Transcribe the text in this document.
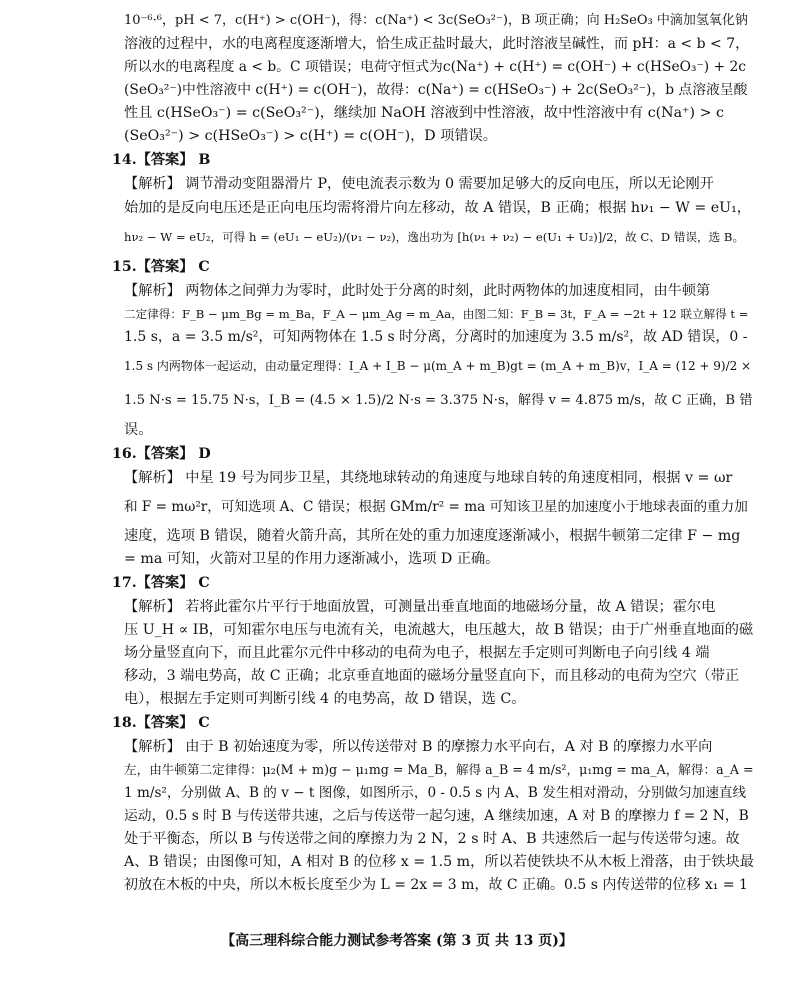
10⁻⁶·⁶，pH < 7，c(H⁺) > c(OH⁻)，得：c(Na⁺) < 3c(SeO₃²⁻)，B 项正确；向 H₂SeO₃ 中滴加氢氧化钠
溶液的过程中，水的电离程度逐渐增大，恰生成正盐时最大，此时溶液呈碱性，而 pH：a < b < 7，
所以水的电离程度 a < b。C 项错误；电荷守恒式为c(Na⁺) + c(H⁺) = c(OH⁻) + c(HSeO₃⁻) + 2c
(SeO₃²⁻)中性溶液中 c(H⁺) = c(OH⁻)，故得：c(Na⁺) = c(HSeO₃⁻) + 2c(SeO₃²⁻)，b 点溶液呈酸
性且 c(HSeO₃⁻) = c(SeO₃²⁻)，继续加 NaOH 溶液到中性溶液，故中性溶液中有 c(Na⁺) > c
(SeO₃²⁻) > c(HSeO₃⁻) > c(H⁺) = c(OH⁻)，D 项错误。
14.【答案】 B
【解析】 调节滑动变阻器滑片 P，使电流表示数为 0 需要加足够大的反向电压，所以无论刚开
始加的是反向电压还是正向电压均需将滑片向左移动，故 A 错误，B 正确；根据 hν₁ − W = eU₁，
hν₂ − W = eU₂，可得 h = (eU₁ − eU₂)/(ν₁ − ν₂)，逸出功为 [h(ν₁ + ν₂) − e(U₁ + U₂)]/2，故 C、D 错误，选 B。
15.【答案】 C
【解析】 两物体之间弹力为零时，此时处于分离的时刻，此时两物体的加速度相同，由牛顿第
二定律得：F_B − μm_Bg = m_Ba，F_A − μm_Ag = m_Aa，由图二知：F_B = 3t，F_A = −2t + 12 联立解得 t =
1.5 s，a = 3.5 m/s²，可知两物体在 1.5 s 时分离，分离时的加速度为 3.5 m/s²，故 AD 错误，0 -
1.5 s 内两物体一起运动，由动量定理得：I_A + I_B − μ(m_A + m_B)gt = (m_A + m_B)v，I_A = (12 + 9)/2 ×
1.5 N·s = 15.75 N·s，I_B = (4.5 × 1.5)/2 N·s = 3.375 N·s，解得 v = 4.875 m/s，故 C 正确，B 错
误。
16.【答案】 D
【解析】 中星 19 号为同步卫星，其绕地球转动的角速度与地球自转的角速度相同，根据 v = ωr
和 F = mω²r，可知选项 A、C 错误；根据 GMm/r² = ma 可知该卫星的加速度小于地球表面的重力加
速度，选项 B 错误，随着火箭升高，其所在处的重力加速度逐渐减小，根据牛顿第二定律 F − mg
= ma 可知，火箭对卫星的作用力逐渐减小，选项 D 正确。
17.【答案】 C
【解析】 若将此霍尔片平行于地面放置，可测量出垂直地面的地磁场分量，故 A 错误；霍尔电
压 U_H ∝ IB，可知霍尔电压与电流有关，电流越大，电压越大，故 B 错误；由于广州垂直地面的磁
场分量竖直向下，而且此霍尔元件中移动的电荷为电子，根据左手定则可判断电子向引线 4 端
移动，3 端电势高，故 C 正确；北京垂直地面的磁场分量竖直向下，而且移动的电荷为空穴（带正
电），根据左手定则可判断引线 4 的电势高，故 D 错误，选 C。
18.【答案】 C
【解析】 由于 B 初始速度为零，所以传送带对 B 的摩擦力水平向右，A 对 B 的摩擦力水平向
左，由牛顿第二定律得：μ₂(M + m)g − μ₁mg = Ma_B，解得 a_B = 4 m/s²，μ₁mg = ma_A，解得：a_A =
1 m/s²，分别做 A、B 的 v − t 图像，如图所示，0 - 0.5 s 内 A、B 发生相对滑动，分别做匀加速直线
运动，0.5 s 时 B 与传送带共速，之后与传送带一起匀速，A 继续加速，A 对 B 的摩擦力 f = 2 N，B
处于平衡态，所以 B 与传送带之间的摩擦力为 2 N，2 s 时 A、B 共速然后一起与传送带匀速。故
A、B 错误；由图像可知，A 相对 B 的位移 x = 1.5 m，所以若使铁块不从木板上滑落，由于铁块最
初放在木板的中央，所以木板长度至少为 L = 2x = 3 m，故 C 正确。0.5 s 内传送带的位移 x₁ = 1
【高三理科综合能力测试参考答案 (第 3 页 共 13 页)】
